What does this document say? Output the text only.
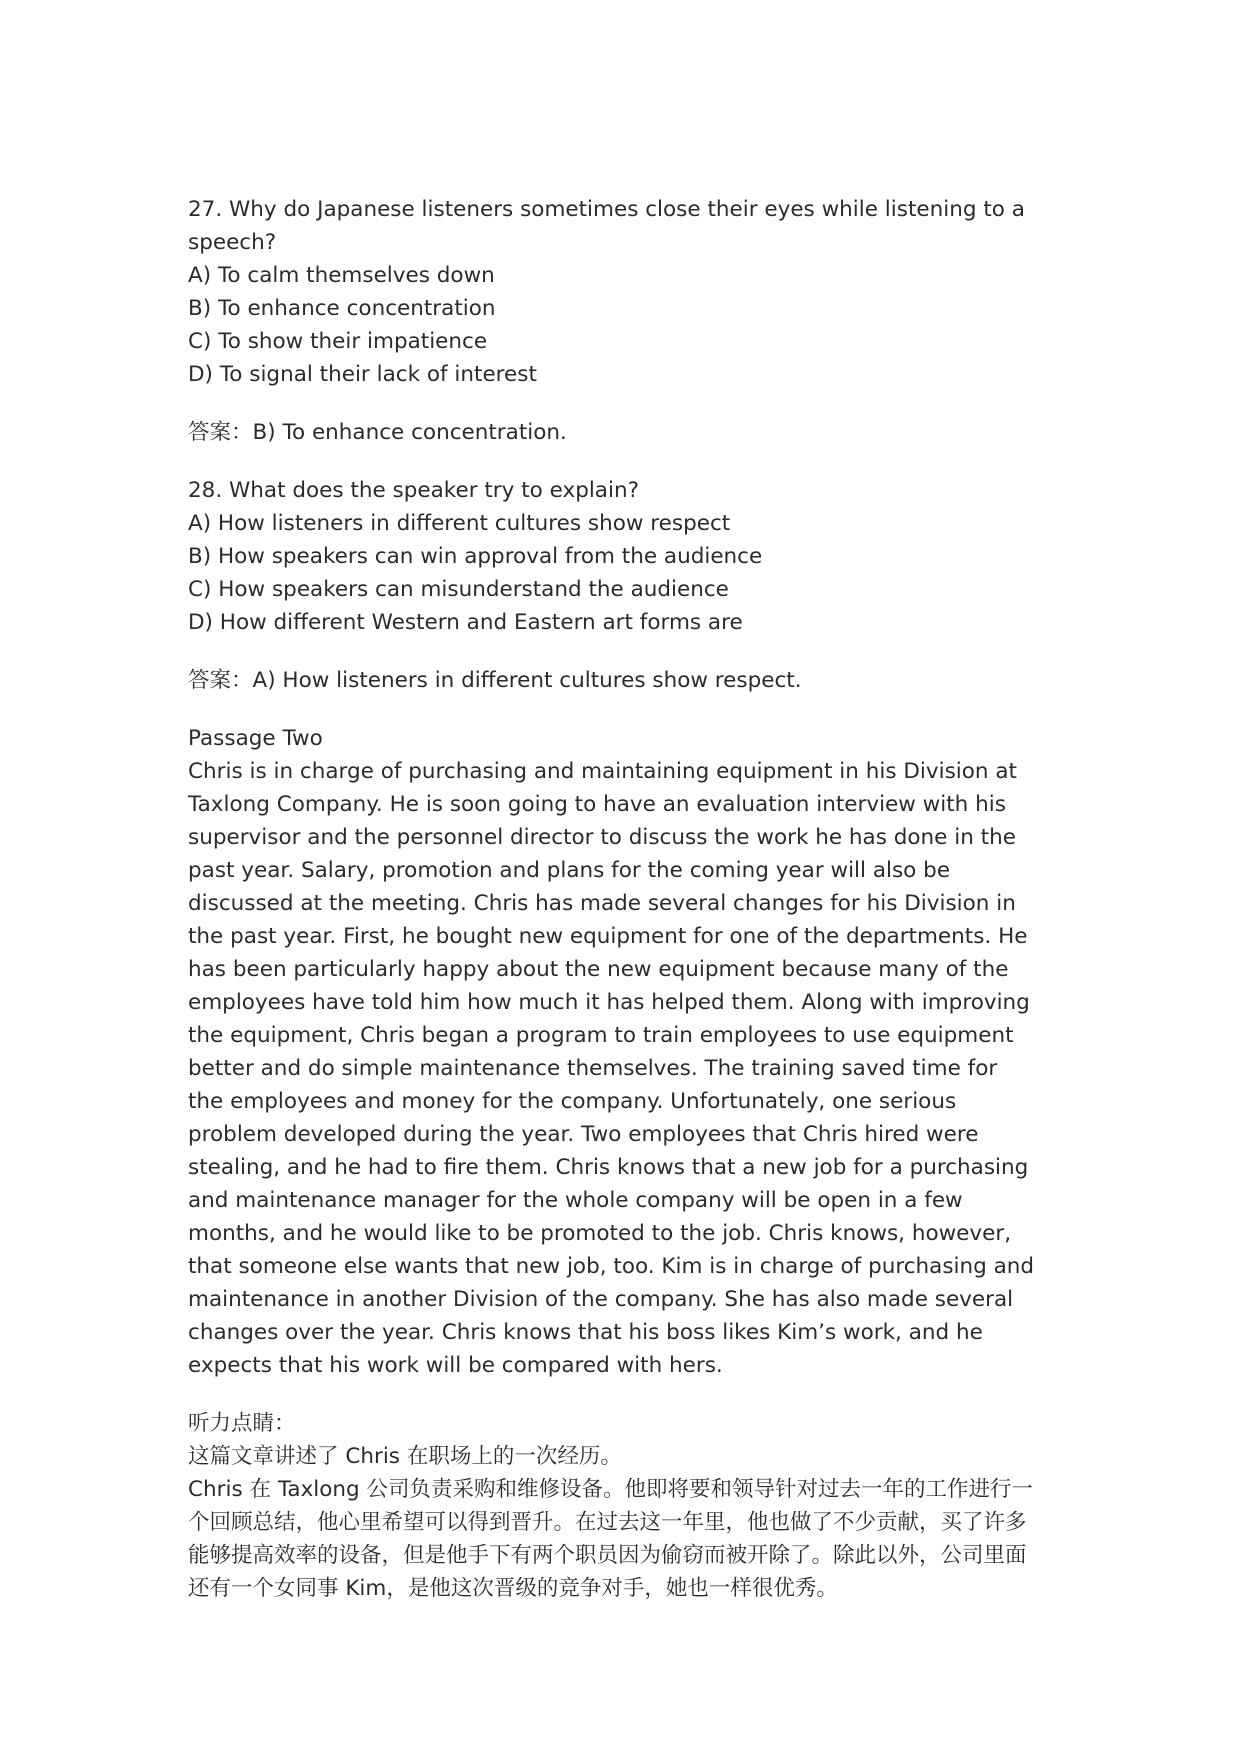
27. Why do Japanese listeners sometimes close their eyes while listening to a
speech?
A) To calm themselves down
B) To enhance concentration
C) To show their impatience
D) To signal their lack of interest
答案：B) To enhance concentration.
28. What does the speaker try to explain?
A) How listeners in different cultures show respect
B) How speakers can win approval from the audience
C) How speakers can misunderstand the audience
D) How different Western and Eastern art forms are
答案：A) How listeners in different cultures show respect.
Passage Two
Chris is in charge of purchasing and maintaining equipment in his Division at
Taxlong Company. He is soon going to have an evaluation interview with his
supervisor and the personnel director to discuss the work he has done in the
past year. Salary, promotion and plans for the coming year will also be
discussed at the meeting. Chris has made several changes for his Division in
the past year. First, he bought new equipment for one of the departments. He
has been particularly happy about the new equipment because many of the
employees have told him how much it has helped them. Along with improving
the equipment, Chris began a program to train employees to use equipment
better and do simple maintenance themselves. The training saved time for
the employees and money for the company. Unfortunately, one serious
problem developed during the year. Two employees that Chris hired were
stealing, and he had to fire them. Chris knows that a new job for a purchasing
and maintenance manager for the whole company will be open in a few
months, and he would like to be promoted to the job. Chris knows, however,
that someone else wants that new job, too. Kim is in charge of purchasing and
maintenance in another Division of the company. She has also made several
changes over the year. Chris knows that his boss likes Kim’s work, and he
expects that his work will be compared with hers.
听力点睛：
这篇文章讲述了 Chris 在职场上的一次经历。
Chris 在 Taxlong 公司负责采购和维修设备。他即将要和领导针对过去一年的工作进行一
个回顾总结，他心里希望可以得到晋升。在过去这一年里，他也做了不少贡献，买了许多
能够提高效率的设备，但是他手下有两个职员因为偷窃而被开除了。除此以外，公司里面
还有一个女同事 Kim，是他这次晋级的竞争对手，她也一样很优秀。
